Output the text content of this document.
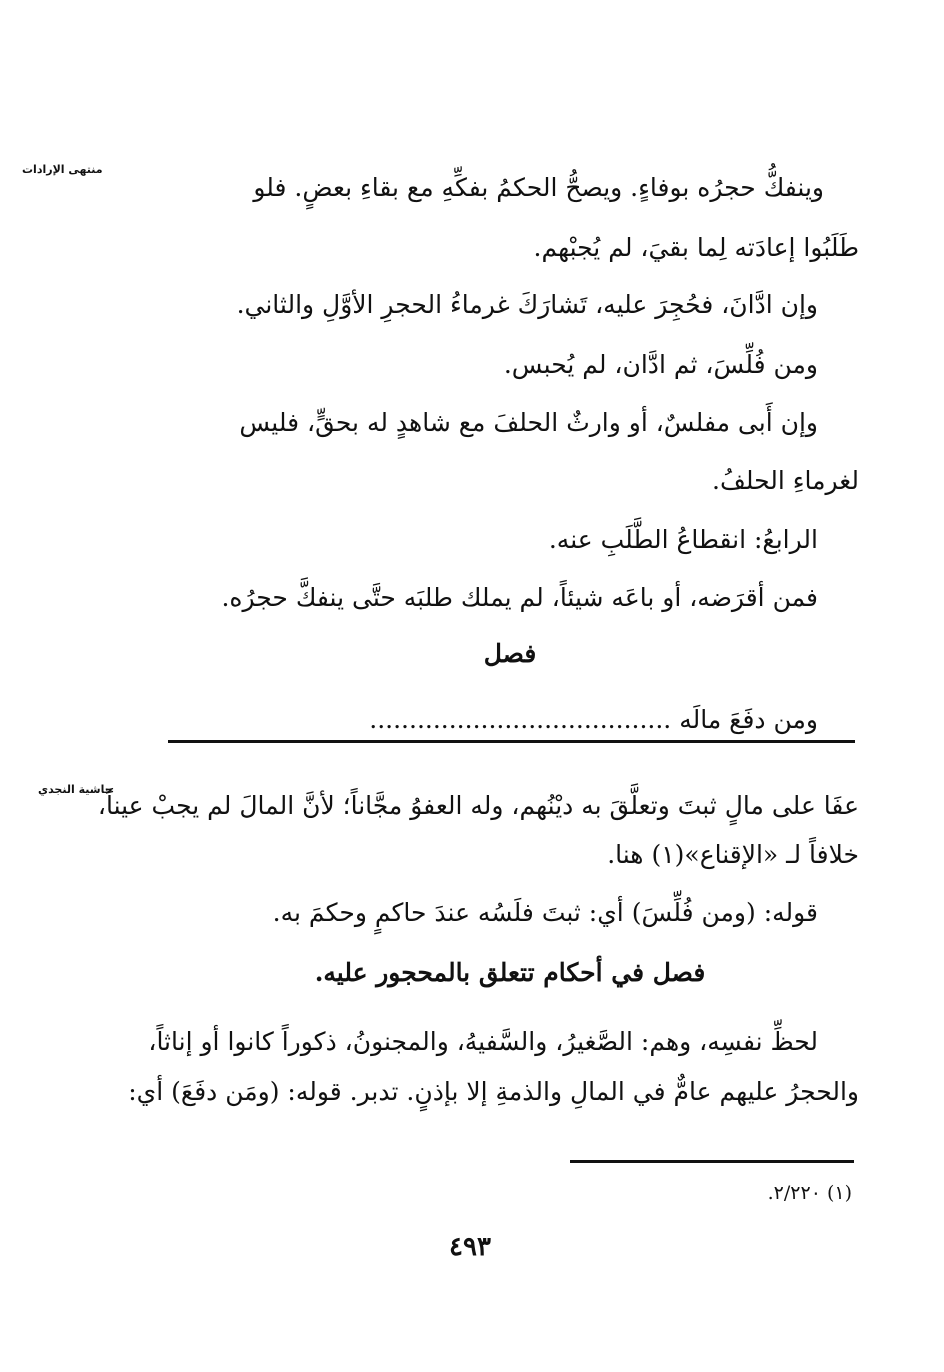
منتهى الإرادات
وينفكُّ حجرُه بوفاءٍ. ويصحُّ الحكمُ بفكِّهِ مع بقاءِ بعضٍ. فلو
طَلَبُوا إعادَته لِما بقيَ، لم يُجبْهم.
وإن ادَّانَ، فحُجِرَ عليه، تَشارَكَ غرماءُ الحجرِ الأوَّلِ والثاني.
ومن فُلِّسَ، ثم ادَّان، لم يُحبس.
وإن أَبى مفلسٌ، أو وارثٌ الحلفَ مع شاهدٍ له بحقٍّ، فليس
لغرماءِ الحلفُ.
الرابعُ: انقطاعُ الطَّلَبِ عنه.
فمن أقرَضه، أو باعَه شيئاً، لم يملك طلبَه حتَّى ينفكَّ حجرُه.
فصل
ومن دفَعَ مالَه ......................................
حاشية النجدي
عفَا على مالٍ ثبتَ وتعلَّقَ به ديْنُهم، وله العفوُ مجَّاناً؛ لأنَّ المالَ لم يجبْ عيناً،
خلافاً لـ «الإقناع»(١) هنا.
قوله: (ومن فُلِّسَ) أي: ثبتَ فلَسُه عندَ حاكمٍ وحكمَ به.
فصل في أحكام تتعلق بالمحجور عليه.
لحظِّ نفسِه، وهم: الصَّغيرُ، والسَّفيهُ، والمجنونُ، ذكوراً كانوا أو إناثاً،
والحجرُ عليهم عامٌّ في المالِ والذمةِ إلا بإذنٍ. تدبر. قوله: (ومَن دفَعَ) أي:
(١) ٢/٢٢٠.
٤٩٣
